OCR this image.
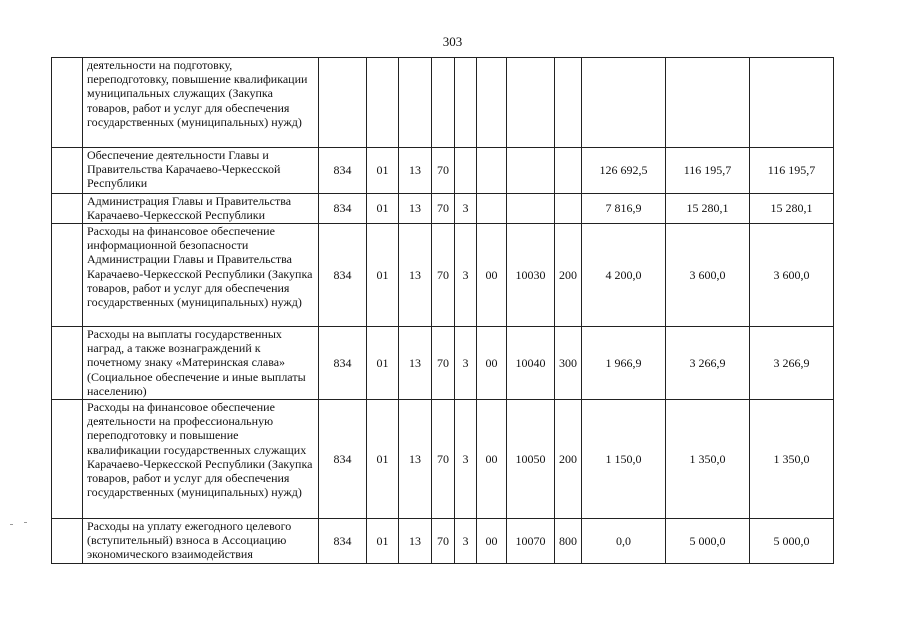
303
	деятельности на подготовку, переподготовку, повышение квалификации муниципальных служащих (Закупка товаров, работ и услуг для обеспечения государственных (муниципальных) нужд)											
	Обеспечение деятельности Главы и Правительства Карачаево-Черкесской Республики	834	01	13	70					126 692,5	116 195,7	116 195,7
	Администрация Главы и Правительства Карачаево-Черкесской Республики	834	01	13	70	3				7 816,9	15 280,1	15 280,1
	Расходы на финансовое обеспечение информационной безопасности Администрации Главы и Правительства Карачаево-Черкесской Республики (Закупка товаров, работ и услуг для обеспечения государственных (муниципальных) нужд)	834	01	13	70	3	00	10030	200	4 200,0	3 600,0	3 600,0
	Расходы на выплаты государственных наград, а также вознаграждений к почетному знаку «Материнская слава» (Социальное обеспечение и иные выплаты населению)	834	01	13	70	3	00	10040	300	1 966,9	3 266,9	3 266,9
	Расходы на финансовое обеспечение деятельности на профессиональную переподготовку и повышение квалификации государственных служащих Карачаево-Черкесской Республики (Закупка товаров, работ и услуг для обеспечения государственных (муниципальных) нужд)	834	01	13	70	3	00	10050	200	1 150,0	1 350,0	1 350,0
	Расходы на уплату ежегодного целевого (вступительный) взноса в Ассоциацию экономического взаимодействия	834	01	13	70	3	00	10070	800	0,0	5 000,0	5 000,0
